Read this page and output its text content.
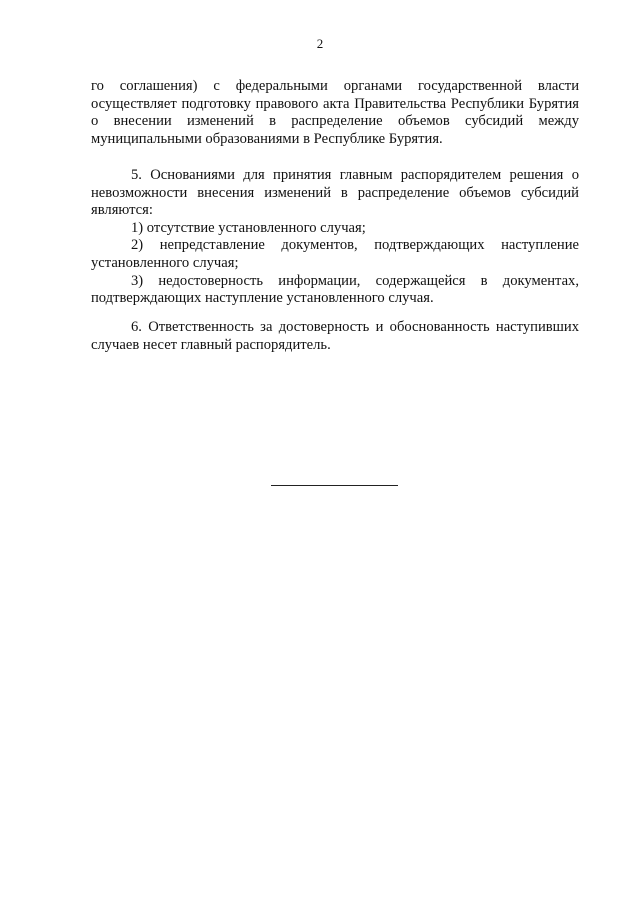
2

го соглашения) с федеральными органами государственной власти осуществляет подготовку правового акта Правительства Республики Бурятия о внесении изменений в распределение объемов субсидий между муниципальными образованиями в Республике Бурятия.

5. Основаниями для принятия главным распорядителем решения о невозможности внесения изменений в распределение объемов субсидий являются:

1) отсутствие установленного случая;

2) непредставление документов, подтверждающих наступление установленного случая;

3) недостоверность информации, содержащейся в документах, подтверждающих наступление установленного случая.

6. Ответственность за достоверность и обоснованность наступивших случаев несет главный распорядитель.
